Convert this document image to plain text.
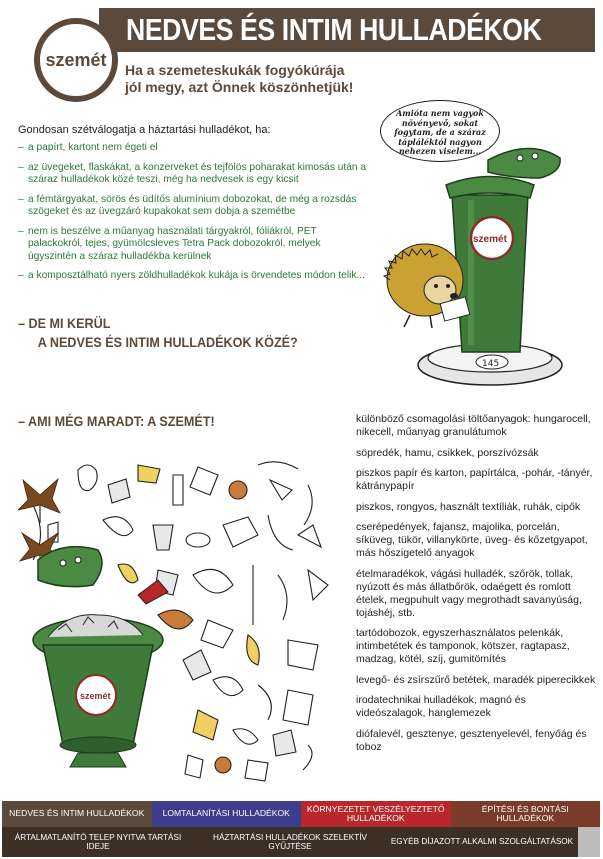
NEDVES ÉS INTIM HULLADÉKOK
szemét
Ha a szemeteskukák fogyókúrája
jól megy, azt Önnek köszönhetjük!
Gondosan szétválogatja a háztartási hulladékot, ha:
– a papírt, kartont nem égeti el
– az üvegeket, flaskákat, a konzerveket és tejfölös poharakat kimosás után a száraz hulladékok közé teszi, még ha nedvesek is egy kicsit
– a fémtárgyakat, sörös és üdítős alumínium dobozokat, de még a rozsdás szögeket és az üvegzáró kupakokat sem dobja a szemétbe
– nem is beszélve a műanyag használati tárgyakról, fóliákról, PET palackokról, tejes, gyümölcsleves Tetra Pack dobozokról, melyek úgyszintén a száraz hulladékba kerülnek
– a komposztálható nyers zöldhulladékok kukája is örvendetes módon telik...
– DE MI KERÜL
A NEDVES ÉS INTIM HULLADÉKOK KÖZÉ?
145
szemét
Amióta nem vagyok növényevő, sokat fogytam, de a száraz tápláléktól nagyon nehezen viselem...
– AMI MÉG MARADT: A SZEMÉT!
szemét
különböző csomagolási töltőanyagok: hungarocell, nikecell, műanyag granulátumok
söpredék, hamu, csikkek, porszívózsák
piszkos papír és karton, papírtálca, -pohár, -tányér, kátránypapír
piszkos, rongyos, használt textíliák, ruhák, cipők
cserépedények, fajansz, majolika, porcelán, síküveg, tükör, villanykörte, üveg- és kőzetgyapot, más hőszigetelő anyagok
ételmaradékok, vágási hulladék, szőrök, tollak, nyúzott és más állatbőrök, odaégett és romlott ételek, megpuhult vagy megrothadt savanyúság, tojáshéj, stb.
tartódobozok, egyszerhasználatos pelenkák, intimbetétek és tamponok, kötszer, ragtapasz, madzag, kötél, szíj, gumitömítés
levegő- és zsírszűrő betétek, maradék piperecikkek
irodatechnikai hulladékok, magnó és videószalagok, hanglemezek
diófalevél, gesztenye, gesztenyelevél, fenyőág és toboz
NEDVES ÉS INTIM HULLADÉKOK	LOMTALANÍTÁSI HULLADÉKOK	KÖRNYEZETET VESZÉLYEZTETŐ HULLADÉKOK
ÉPÍTÉSI ÉS BONTÁSI HULLADÉKOK
ÁRTALMATLANÍTÓ TELEP NYITVA TARTÁSI IDEJE
HÁZTARTÁSI HULLADÉKOK SZELEKTÍV GYŰJTÉSE
EGYÉB DÍJAZOTT ALKALMI SZOLGÁLTATÁSOK
